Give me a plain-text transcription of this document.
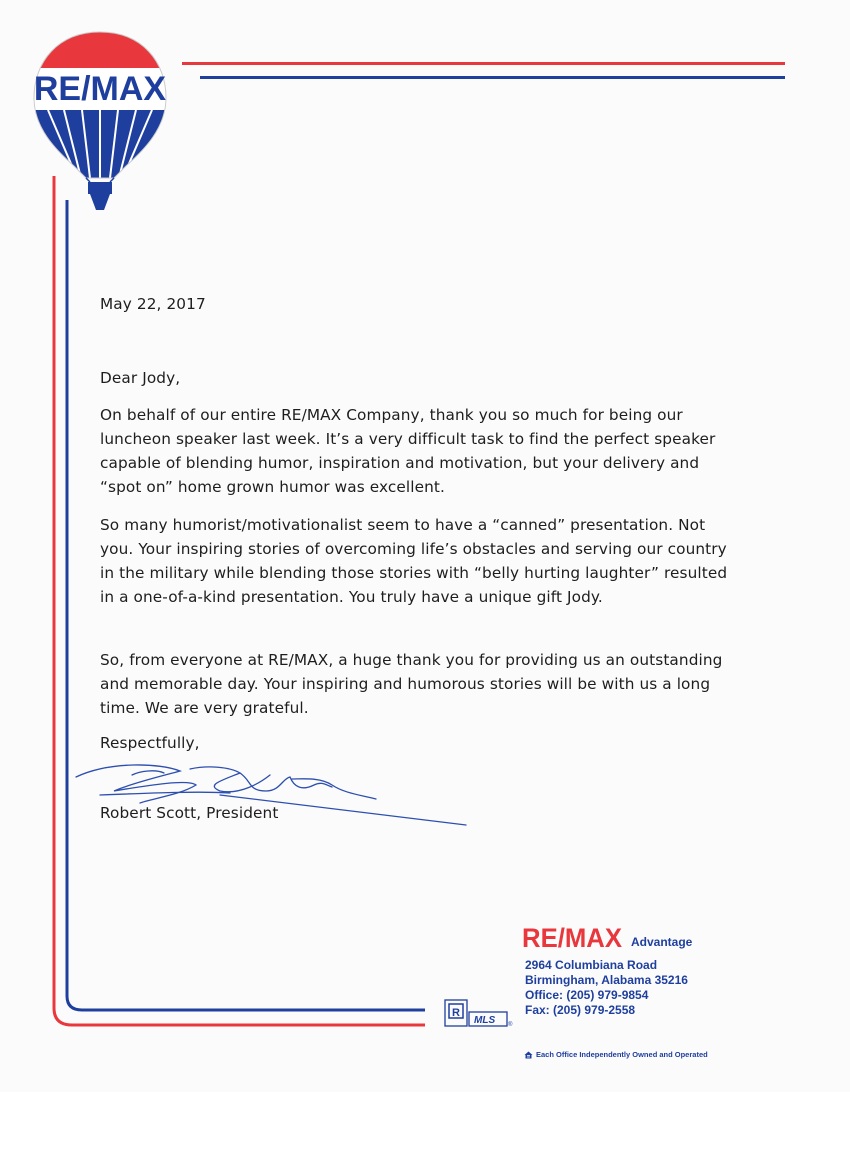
RE/MAX
May 22, 2017
Dear Jody,
On behalf of our entire RE/MAX Company, thank you so much for being our luncheon speaker last week. It’s a very difficult task to find the perfect speaker capable of blending humor, inspiration and motivation, but your delivery and “spot on” home grown humor was excellent.
So many humorist/motivationalist seem to have a “canned” presentation. Not you. Your inspiring stories of overcoming life’s obstacles and serving our country in the military while blending those stories with “belly hurting laughter” resulted in a one-of-a-kind presentation. You truly have a unique gift Jody.
So, from everyone at RE/MAX, a huge thank you for providing us an outstanding and memorable day. Your inspiring and humorous stories will be with us a long time. We are very grateful.
Respectfully,
Robert Scott, President
RE/MAX Advantage
2964 Columbiana Road
Birmingham, Alabama 35216
Office: (205) 979-9854
Fax: (205) 979-2558
R
MLS ®
Each Office Independently Owned and Operated
